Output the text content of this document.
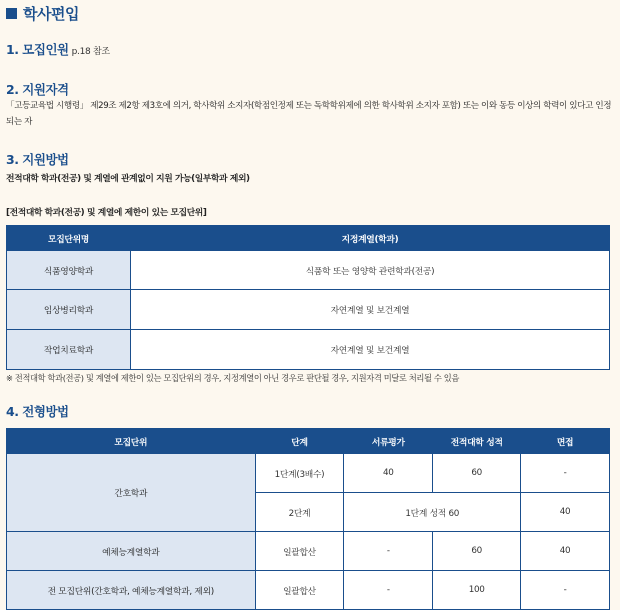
학사편입
1. 모집인원 p.18 참조
2. 지원자격
「고등교육법 시행령」 제29조 제2항 제3호에 의거, 학사학위 소지자(학점인정제 또는 독학학위제에 의한 학사학위 소지자 포함) 또는 이와 동등 이상의 학력이 있다고 인정되는 자
3. 지원방법
전적대학 학과(전공) 및 계열에 관계없이 지원 가능(일부학과 제외)
[전적대학 학과(전공) 및 계열에 제한이 있는 모집단위]
모집단위명	지정계열(학과)
식품영양학과	식품학 또는 영양학 관련학과(전공)
임상병리학과	자연계열 및 보건계열
작업치료학과	자연계열 및 보건계열
※ 전적대학 학과(전공) 및 계열에 제한이 있는 모집단위의 경우, 지정계열이 아닌 경우로 판단될 경우, 지원자격 미달로 처리될 수 있음
4. 전형방법
모집단위	단계	서류평가	전적대학 성적	면접
간호학과	1단계(3배수)	40	60	-
	2단계	1단계 성적 60		40
예체능계열학과	일괄합산	-	60	40
전 모집단위(간호학과, 예체능계열학과, 제외)	일괄합산	-	100	-
